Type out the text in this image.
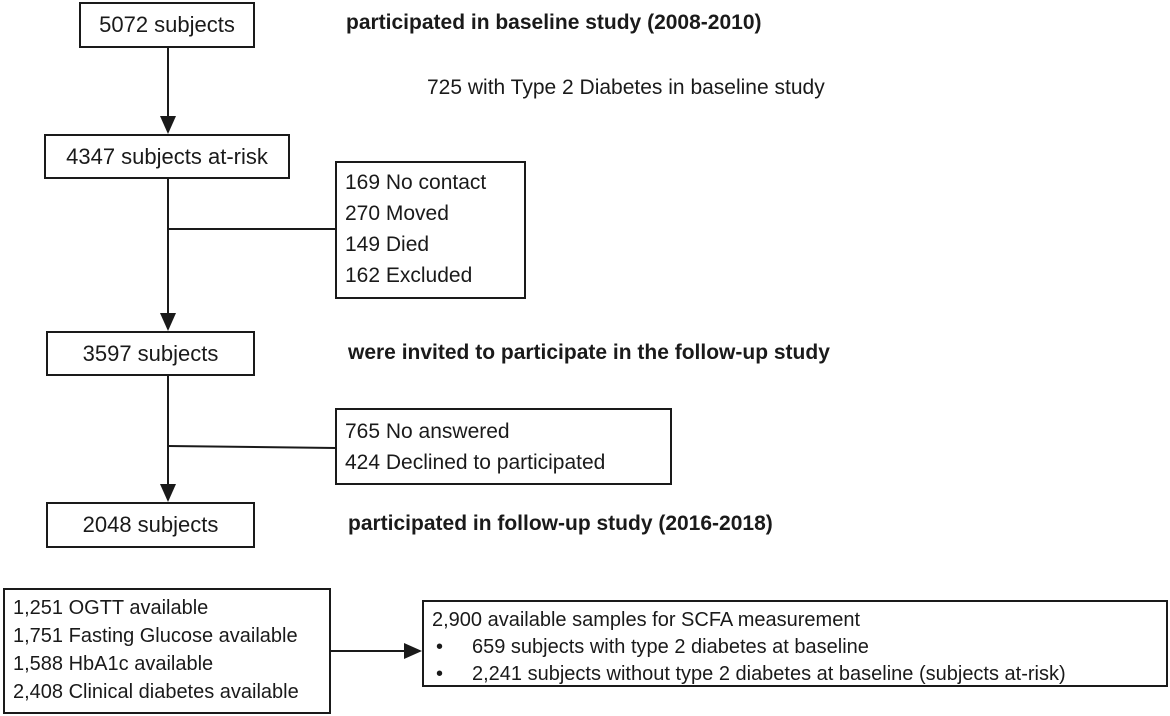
5072 subjects	participated in baseline study (2008-2010)
725 with Type 2 Diabetes in baseline study
4347 subjects at-risk
169 No contact
270 Moved
149 Died
162 Excluded
3597 subjects	were invited to participate in the follow-up study
765 No answered
424 Declined to participated
2048 subjects	participated in follow-up study (2016-2018)
1,251 OGTT available
1,751 Fasting Glucose available
1,588 HbA1c available
2,408 Clinical diabetes available
2,900 available samples for SCFA measurement
•	659 subjects with type 2 diabetes at baseline
•	2,241 subjects without type 2 diabetes at baseline (subjects at-risk)
